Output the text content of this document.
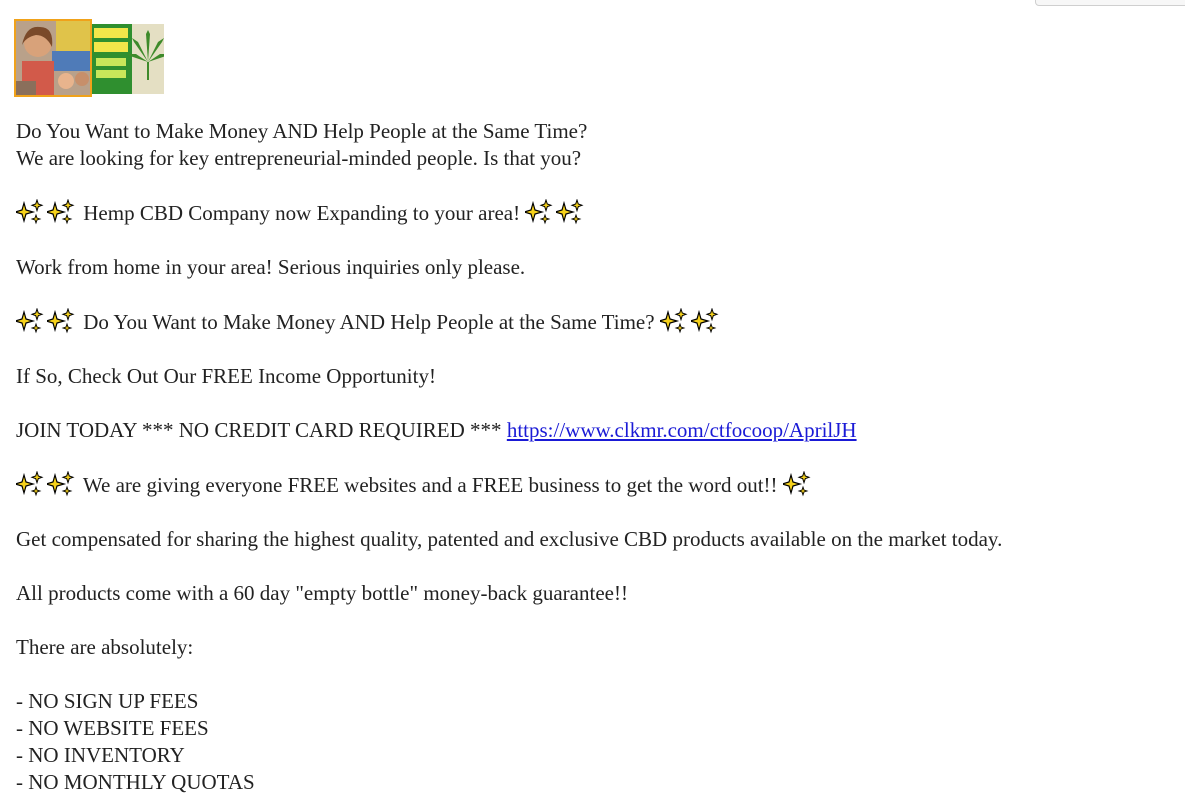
Do You Want to Make Money AND Help People at the Same Time?

We are looking for key entrepreneurial-minded people. Is that you?

Hemp CBD Company now Expanding to your area!

Work from home in your area! Serious inquiries only please.

Do You Want to Make Money AND Help People at the Same Time?

If So, Check Out Our FREE Income Opportunity!

JOIN TODAY *** NO CREDIT CARD REQUIRED *** https://www.clkmr.com/ctfocoop/AprilJH

We are giving everyone FREE websites and a FREE business to get the word out!!

Get compensated for sharing the highest quality, patented and exclusive CBD products available on the market today.

All products come with a 60 day "empty bottle" money-back guarantee!!

There are absolutely:

- NO SIGN UP FEES

- NO WEBSITE FEES

- NO INVENTORY

- NO MONTHLY QUOTAS
